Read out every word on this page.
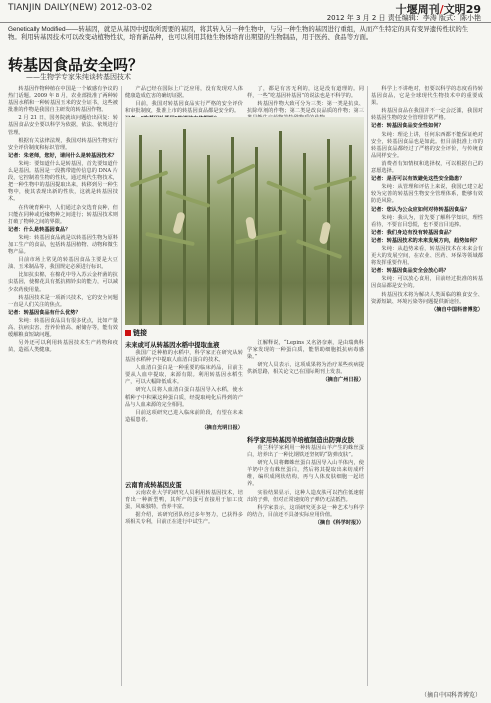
TIANJIN DAILY(NEW) 2012-03-02	十堰周刊/文明29
2012 年 3 月 2 日 责任编辑：李涛 版式：陈小艳
Genetically Modified——转基因，就是从基因中提取所需要的基因，将其转入另一种生物中，与另一种生物的基因进行重组，从而产生特定的具有变异遗传性状的生物。利用转基因技术可以改变动植物性状，培育新品种，也可以利用其他生物体培育出期望的生物制品，用于医药、食品等方面。
转基因食品安全吗？
——生物学专家朱纯谈转基因技术

转基因作物种植在中国是一个敏感有争议的热门话题。2009 年 8 月，农业部批准了两种转基因水稻和一种转基因玉米的安全证书，这些被批准的作物是我国自主研发的转基因作物。

2 月 21 日，国务院就该问题给出回复：转基因食品安全要以科学为依据，依法、依规进行管理。

根据有关法律法规，我国对转基因生物实行安全评价制度和标识管理。

记者：朱老师，您好，请问什么是转基因技术？

朱纯：要知道什么是转基因，首先要知道什么是基因。基因是一段携带遗传信息的 DNA 片段，它控制着生物的性状。通过现代生物技术，把一种生物中的基因提取出来，转移到另一种生物中，使其表现出新的性状，这就是转基因技术。

在传统育种中，人们通过杂交选育良种，但只能在同种或近缘物种之间进行；转基因技术则打破了物种之间的界限。

记者：什么是转基因食品？

朱纯：转基因食品就是以转基因生物为原料加工生产的食品，包括转基因植物、动物和微生物产品。

目前市场上常见的转基因食品主要是大豆油、玉米制品等，我国规定必须进行标识。

比如抗虫棉，在棉花中导入苏云金杆菌的抗虫基因，使棉花具有抵抗棉铃虫的能力，可以减少农药使用量。

转基因技术是一项新兴技术，它的安全问题一直是人们关注的焦点。

记者：转基因食品有什么优势？

朱纯：转基因食品具有很多优点，比如产量高、抗病虫害、营养价值高、耐储存等，能有效缓解粮食短缺问题。

另外还可以利用转基因技术生产药物和疫苗，造福人类健康。

产品已经在国际上广泛应用，没有发现对人体健康造成危害的确切证据。

目前，我国对转基因食品实行严格的安全评价和审批制度，批准上市的转基因食品都是安全的。

了，都是有害无利的，这是没有道理的。同样，一些“吃基因补基因”的说法也是不科学的。

转基因作物大致可分为三类：第一类是抗虫、抗除草剂的作物；第二类是改良品质的作物；第三

链接
未来或可从转基因水稻中提取血液

我国广泛种植的水稻中，科学家正在研究从转基因水稻种子中提取人血清白蛋白的技术。

人血清白蛋白是一种重要的临床药品，目前主要从人血中提取，来源有限。利用转基因水稻生产，可以大幅降低成本。

研究人员将人血清白蛋白基因导入水稻，使水稻种子中积累这种蛋白质，经提取纯化后得到的产品与人血来源的完全相同。

目前这项研究已进入临床前阶段，有望在未来造福患者。

（摘自光明日报）

云南育成转基因皮蛋

云南农业大学的研究人员利用转基因技术，培育出一种新型鸭，其所产的蛋可直接用于加工皮蛋，风味独特，营养丰富。

据介绍，该研究团队经过多年努力，已获得多项相关专利，目前正在进行中试生产。

江解释说，“Lepins 又名洛奈素，是由瑞典科学家发现的一种蛋白质，能帮助细胞抵抗病毒感染。”

研究人员表示，这项成果将为治疗某些疾病提供新思路，相关论文已在国际期刊上发表。

（摘自广州日报）

科学家用转基因羊培植制造出防弹皮肤

荷兰科学家利用一种转基因山羊产生的蛛丝蛋白，培养出了一种比钢铁还坚韧的“防弹皮肤”。

研究人员将蜘蛛丝蛋白基因导入山羊体内，使羊奶中含有蛛丝蛋白，然后将其提取出来纺成纤维，编织成网状结构，再与人体皮肤细胞一起培养。

实验结果显示，这种人造皮肤可以挡住低速射出的子弹，但对正常速度的子弹仍无法抵挡。

科学家表示，这项研究更多是一种艺术与科学的结合，目前还不具备实际应用价值。

（摘自《科学时报》）

科学上不讲绝对，但要以科学的态度看待转基因食品，它是全球现代生物技术中的重要成果。

转基因食品在我国并不一定会泛滥，我国对转基因生物的安全管理非常严格。

记者：转基因食品安全性如何？

朱纯：理论上讲，任何东西都不能保证绝对安全，转基因食品也是如此。但目前批准上市的转基因食品都经过了严格的安全评价，与传统食品同样安全。

消费者有知情权和选择权，可以根据自己的意愿选择。

记者：是否可以有效避免这些安全隐患？

朱纯：从管理和评估上来说，我国已建立起较为完善的转基因生物安全管理体系，能够有效防范风险。

记者：您认为公众应如何对待转基因食品？

朱纯：我认为，首先要了解科学知识，理性看待，不要盲目恐慌，也不要盲目追捧。

记者：我们身边有没有转基因食品？

记者：转基因技术的未来发展方向，趋势如何？

朱纯：从趋势来看，转基因技术在未来会有更大的发展空间，在农业、医药、环保等领域都将发挥重要作用。

记者：转基因食品安全会放心吗？

朱纯：可以放心食用，目前经过批准的转基因食品都是安全的。

转基因技术将为解决人类面临的粮食安全、资源短缺、环境污染等问题提供新途径。

（摘自中国科普博览）

（摘自中国科普博览）
